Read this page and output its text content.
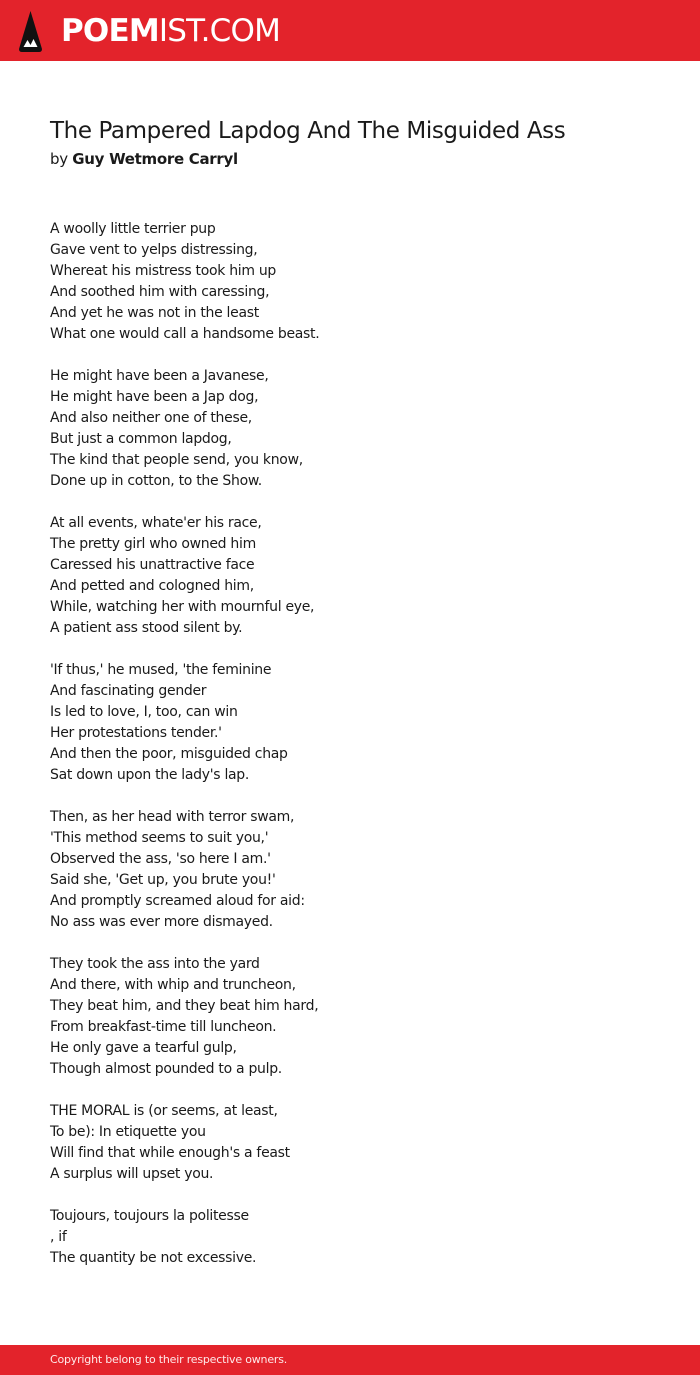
POEMIST.COM
The Pampered Lapdog And The Misguided Ass
by Guy Wetmore Carryl
A woolly little terrier pup
Gave vent to yelps distressing,
Whereat his mistress took him up
And soothed him with caressing,
And yet he was not in the least
What one would call a handsome beast.
He might have been a Javanese,
He might have been a Jap dog,
And also neither one of these,
But just a common lapdog,
The kind that people send, you know,
Done up in cotton, to the Show.
At all events, whate'er his race,
The pretty girl who owned him
Caressed his unattractive face
And petted and cologned him,
While, watching her with mournful eye,
A patient ass stood silent by.
'If thus,' he mused, 'the feminine
And fascinating gender
Is led to love, I, too, can win
Her protestations tender.'
And then the poor, misguided chap
Sat down upon the lady's lap.
Then, as her head with terror swam,
'This method seems to suit you,'
Observed the ass, 'so here I am.'
Said she, 'Get up, you brute you!'
And promptly screamed aloud for aid:
No ass was ever more dismayed.
They took the ass into the yard
And there, with whip and truncheon,
They beat him, and they beat him hard,
From breakfast-time till luncheon.
He only gave a tearful gulp,
Though almost pounded to a pulp.
THE MORAL is (or seems, at least,
To be): In etiquette you
Will find that while enough's a feast
A surplus will upset you.
Toujours, toujours la politesse
, if
The quantity be not excessive.
Copyright belong to their respective owners.
